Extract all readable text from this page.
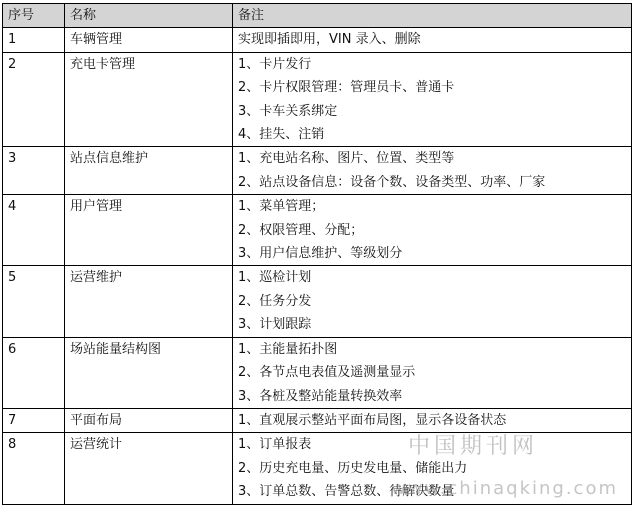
序号	名称	备注
1	车辆管理	实现即插即用，VIN 录入、删除

2	充电卡管理	1、卡片发行
2、卡片权限管理：管理员卡、普通卡
3、卡车关系绑定
4、挂失、注销

3	站点信息维护	1、充电站名称、图片、位置、类型等
2、站点设备信息：设备个数、设备类型、功率、厂家

4	用户管理	1、菜单管理；
2、权限管理、分配；
3、用户信息维护、等级划分

5	运营维护	1、巡检计划
2、任务分发
3、计划跟踪

6	场站能量结构图	1、主能量拓扑图
2、各节点电表值及遥测量显示
3、各桩及整站能量转换效率

7	平面布局	1、直观展示整站平面布局图，显示各设备状态

8	运营统计	1、订单报表
2、历史充电量、历史发电量、储能出力
3、订单总数、告警总数、待解决数量
中国期刊网
www.chinaqking.com
